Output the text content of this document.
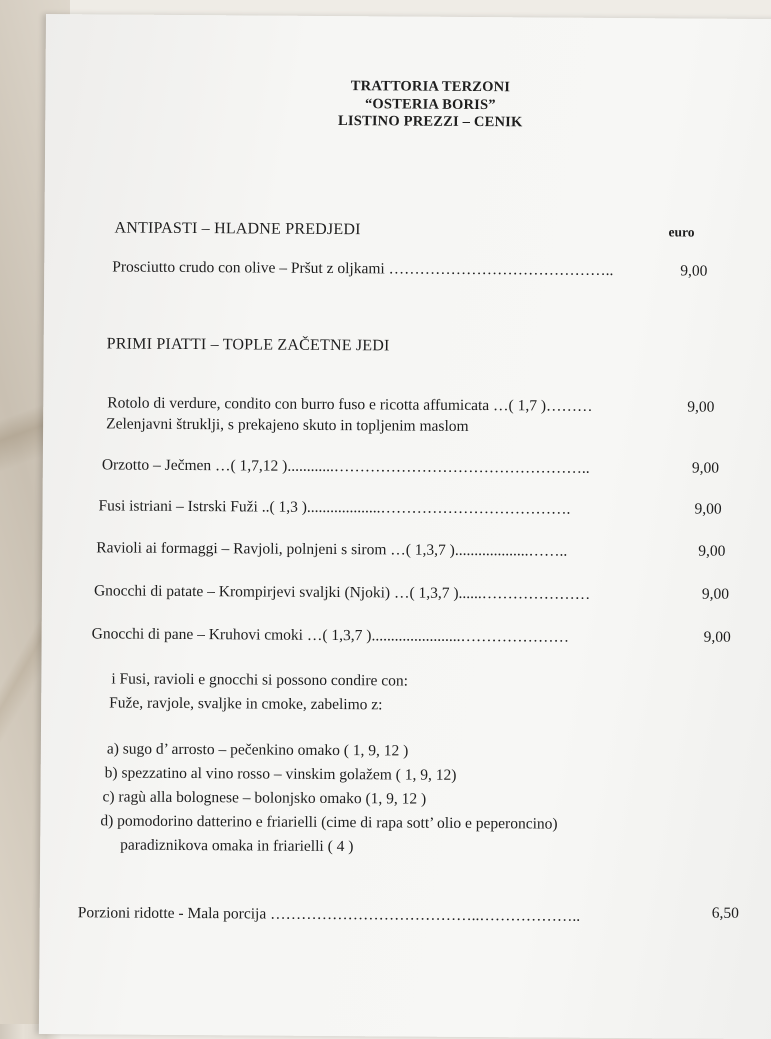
TRATTORIA TERZONI
“OSTERIA BORIS”
LISTINO PREZZI – CENIK
ANTIPASTI – HLADNE PREDJEDI	euro
Prosciutto crudo con olive – Pršut z oljkami ……………………………………..	9,00
PRIMI PIATTI – TOPLE ZAČETNE JEDI
Rotolo di verdure, condito con burro fuso e ricotta affumicata …( 1,7 )………	9,00
Zelenjavni štruklji, s prekajeno skuto in topljenim maslom
Orzotto – Ječmen …( 1,7,12 )............…………………………………………..	9,00
Fusi istriani – Istrski Fuži ..( 1,3 )...................……………………………….	9,00
Ravioli ai formaggi – Ravjoli, polnjeni s sirom …( 1,3,7 )...................……..	9,00
Gnocchi di patate – Krompirjevi svaljki (Njoki) …( 1,3,7 )......…………………	9,00
Gnocchi di pane – Kruhovi cmoki …( 1,3,7 ).......................…………………	9,00
i Fusi, ravioli e gnocchi si possono condire con:
Fuže, ravjole, svaljke in cmoke, zabelimo z:
a) sugo d’ arrosto – pečenkino omako ( 1, 9, 12 )
b) spezzatino al vino rosso – vinskim golažem ( 1, 9, 12)
c) ragù alla bolognese – bolonjsko omako (1, 9, 12 )
d) pomodorino datterino e friarielli (cime di rapa sott’ olio e peperoncino)
paradiznikova omaka in friarielli ( 4 )
Porzioni ridotte - Mala porcija …………………………………..………………..	6,50
